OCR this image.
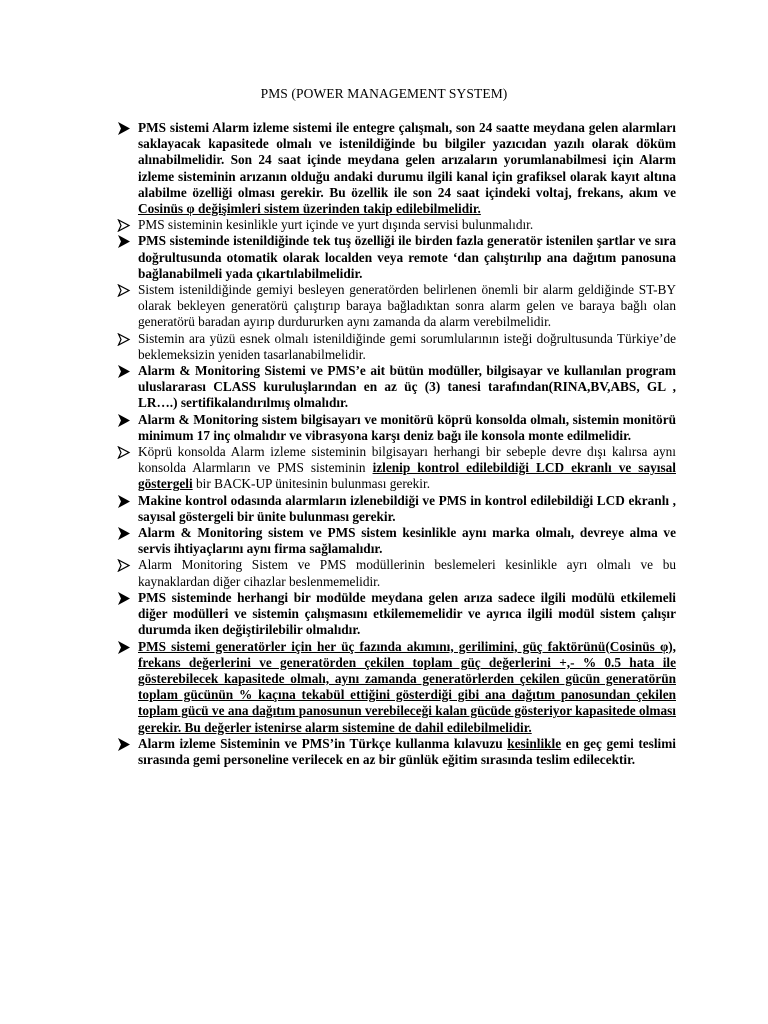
PMS (POWER MANAGEMENT SYSTEM)
PMS sistemi Alarm izleme sistemi ile entegre çalışmalı, son 24 saatte meydana gelen alarmları saklayacak kapasitede olmalı ve istenildiğinde bu bilgiler yazıcıdan yazılı olarak döküm alınabilmelidir. Son 24 saat içinde meydana gelen arızaların yorumlanabilmesi için Alarm izleme sisteminin arızanın olduğu andaki durumu ilgili kanal için grafiksel olarak kayıt altına alabilme özelliği olması gerekir. Bu özellik ile son 24 saat içindeki voltaj, frekans, akım ve Cosinüs φ değişimleri sistem üzerinden takip edilebilmelidir.
PMS sisteminin kesinlikle yurt içinde ve yurt dışında servisi bulunmalıdır.
PMS sisteminde istenildiğinde tek tuş özelliği ile birden fazla generatör istenilen şartlar ve sıra doğrultusunda otomatik olarak localden veya remote ‘dan çalıştırılıp ana dağıtım panosuna bağlanabilmeli yada çıkartılabilmelidir.
Sistem istenildiğinde gemiyi besleyen generatörden belirlenen önemli bir alarm geldiğinde ST-BY olarak bekleyen generatörü çalıştırıp baraya bağladıktan sonra alarm gelen ve baraya bağlı olan generatörü baradan ayırıp durdururken aynı zamanda da alarm verebilmelidir.
Sistemin ara yüzü esnek olmalı istenildiğinde gemi sorumlularının isteği doğrultusunda Türkiye’de beklemeksizin yeniden tasarlanabilmelidir.
Alarm & Monitoring Sistemi ve PMS’e ait bütün modüller, bilgisayar ve kullanılan program uluslararası CLASS kuruluşlarından en az üç (3) tanesi tarafından(RINA,BV,ABS, GL , LR….) sertifikalandırılmış olmalıdır.
Alarm & Monitoring sistem bilgisayarı ve monitörü köprü konsolda olmalı, sistemin monitörü minimum 17 inç olmalıdır ve vibrasyona karşı deniz bağı ile konsola monte edilmelidir.
Köprü konsolda Alarm izleme sisteminin bilgisayarı herhangi bir sebeple devre dışı kalırsa aynı konsolda Alarmların ve PMS sisteminin izlenip kontrol edilebildiği LCD ekranlı ve sayısal göstergeli bir BACK-UP ünitesinin bulunması gerekir.
Makine kontrol odasında alarmların izlenebildiği ve PMS in kontrol edilebildiği LCD ekranlı , sayısal göstergeli bir ünite bulunması gerekir.
Alarm & Monitoring sistem ve PMS sistem kesinlikle aynı marka olmalı, devreye alma ve servis ihtiyaçlarını aynı firma sağlamalıdır.
Alarm Monitoring Sistem ve PMS modüllerinin beslemeleri kesinlikle ayrı olmalı ve bu kaynaklardan diğer cihazlar beslenmemelidir.
PMS sisteminde herhangi bir modülde meydana gelen arıza sadece ilgili modülü etkilemeli diğer modülleri ve sistemin çalışmasını etkilememelidir ve ayrıca ilgili modül sistem çalışır durumda iken değiştirilebilir olmalıdır.
PMS sistemi generatörler için her üç fazında akımını, gerilimini, güç faktörünü(Cosinüs φ), frekans değerlerini ve generatörden çekilen toplam güç değerlerini +,- % 0.5 hata ile gösterebilecek kapasitede olmalı, aynı zamanda generatörlerden çekilen gücün generatörün toplam gücünün % kaçına tekabül ettiğini gösterdiği gibi ana dağıtım panosundan çekilen toplam gücü ve ana dağıtım panosunun verebileceği kalan gücüde gösteriyor kapasitede olması gerekir. Bu değerler istenirse alarm sistemine de dahil edilebilmelidir.
Alarm izleme Sisteminin ve PMS’in Türkçe kullanma kılavuzu kesinlikle en geç gemi teslimi sırasında gemi personeline verilecek en az bir günlük eğitim sırasında teslim edilecektir.
